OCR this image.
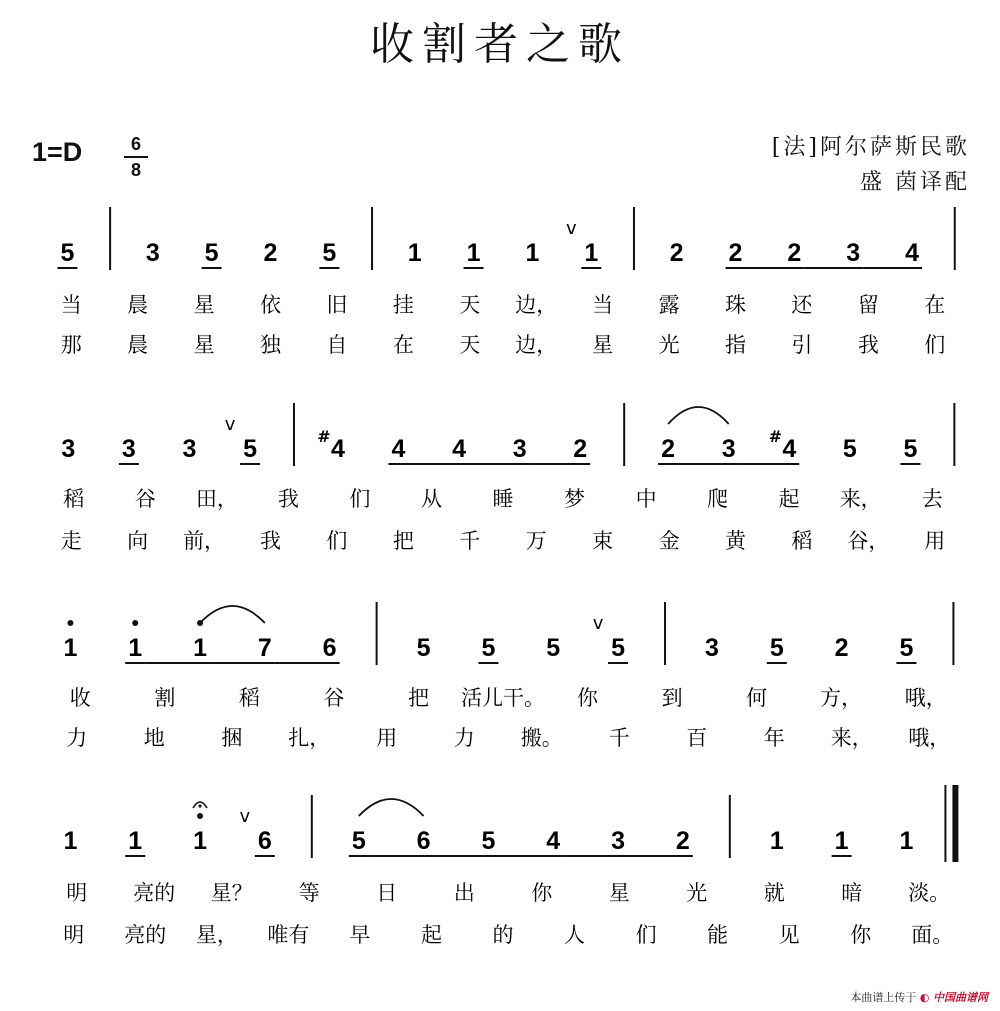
收割者之歌
1=D	6
8
[法]阿尔萨斯民歌
盛 茵译配
5	3 5 2 5	1 1 1 1
v
2 2 2 3 4
当 晨 星 依 旧 挂 天 边， 当 露 珠 还 留 在
那 晨 星 独 自 在 天 边， 星 光 指 引 我 们
3 3 3 5
v
4
# 4 4 3 2	2 3 4
# 5 5
稻 谷 田， 我 们 从 睡 梦 中 爬 起 来， 去
走 向 前， 我 们 把 千 万 束 金 黄 稻 谷， 用
1 1 1 7 6	5 5 5 5
v
3 5 2 5
收	割	稻	谷	把 活儿干。 你	到	何	方， 哦，
力	地	捆 扎， 用	力 搬。 千	百	年 来， 哦，
1 1 1 6
v
5 6 5 4 3 2	1 1 1
明 亮的 星？ 等	日	出	你	星	光	就	暗 淡。
明 亮的 星， 唯有 早 起 的 人 们 能 见 你 面。
本曲谱上传于 ◐ 中国曲谱网
